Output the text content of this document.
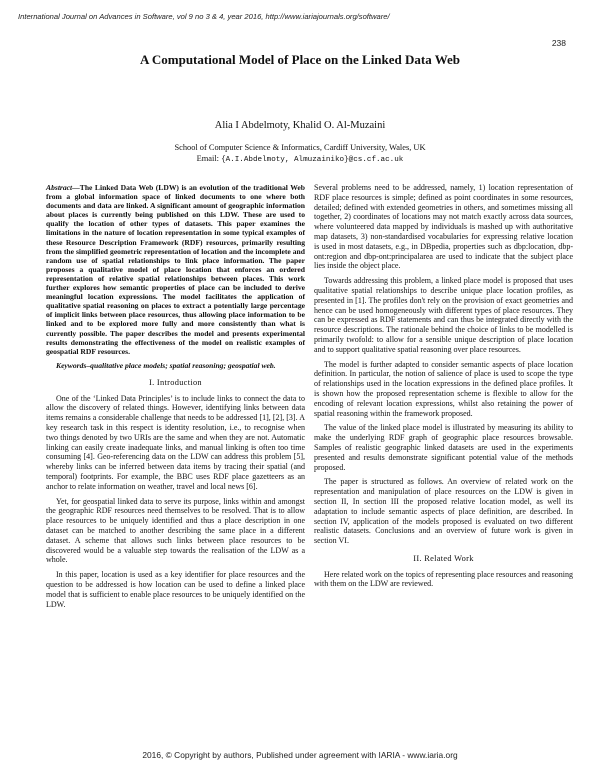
International Journal on Advances in Software, vol 9 no 3 & 4, year 2016, http://www.iariajournals.org/software/
238
A Computational Model of Place on the Linked Data Web
Alia I Abdelmoty, Khalid O. Al-Muzaini
School of Computer Science & Informatics, Cardiff University, Wales, UK
Email: {A.I.Abdelmoty, Almuzainiko}@cs.cf.ac.uk

Abstract—The Linked Data Web (LDW) is an evolution of the traditional Web from a global information space of linked documents to one where both documents and data are linked. A significant amount of geographic information about places is currently being published on this LDW. These are used to qualify the location of other types of datasets. This paper examines the limitations in the nature of location representation in some typical examples of these Resource Description Framework (RDF) resources, primarily resulting from the simplified geometric representation of location and the incomplete and random use of spatial relationships to link place information. The paper proposes a qualitative model of place location that enforces an ordered representation of relative spatial relationships between places. This work further explores how semantic properties of place can be included to derive meaningful location expressions. The model facilitates the application of qualitative spatial reasoning on places to extract a potentially large percentage of implicit links between place resources, thus allowing place information to be linked and to be explored more fully and more consistently than what is currently possible. The paper describes the model and presents experimental results demonstrating the effectiveness of the model on realistic examples of geospatial RDF resources.

Keywords–qualitative place models; spatial reasoning; geospatial web.

I. Introduction

One of the ‘Linked Data Principles’ is to include links to connect the data to allow the discovery of related things. However, identifying links between data items remains a considerable challenge that needs to be addressed [1], [2], [3]. A key research task in this respect is identity resolution, i.e., to recognise when two things denoted by two URIs are the same and when they are not. Automatic linking can easily create inadequate links, and manual linking is often too time consuming [4]. Geo-referencing data on the LDW can address this problem [5], whereby links can be inferred between data items by tracing their spatial (and temporal) footprints. For example, the BBC uses RDF place gazetteers as an anchor to relate information on weather, travel and local news [6].

Yet, for geospatial linked data to serve its purpose, links within and amongst the geographic RDF resources need themselves to be resolved. That is to allow place resources to be uniquely identified and thus a place description in one dataset can be matched to another describing the same place in a different dataset. A scheme that allows such links between place resources to be discovered would be a valuable step towards the realisation of the LDW as a whole.

In this paper, location is used as a key identifier for place resources and the question to be addressed is how location can be used to define a linked place model that is sufficient to enable place resources to be uniquely identified on the LDW.

Several problems need to be addressed, namely, 1) location representation of RDF place resources is simple; defined as point coordinates in some resources, detailed; defined with extended geometries in others, and sometimes missing all together, 2) coordinates of locations may not match exactly across data sources, where volunteered data mapped by individuals is mashed up with authoritative map datasets, 3) non-standardised vocabularies for expressing relative location is used in most datasets, e.g., in DBpedia, properties such as dbp:location, dbp-ont:region and dbp-ont:principalarea are used to indicate that the subject place lies inside the object place.

Towards addressing this problem, a linked place model is proposed that uses qualitative spatial relationships to describe unique place location profiles, as presented in [1]. The profiles don't rely on the provision of exact geometries and hence can be used homogeneously with different types of place resources. They can be expressed as RDF statements and can thus be integrated directly with the resource descriptions. The rationale behind the choice of links to be modelled is primarily twofold: to allow for a sensible unique description of place location and to support qualitative spatial reasoning over place resources.

The model is further adapted to consider semantic aspects of place location definition. In particular, the notion of salience of place is used to scope the type of relationships used in the location expressions in the defined place profiles. It is shown how the proposed representation scheme is flexible to allow for the encoding of relevant location expressions, whilst also retaining the power of spatial reasoning within the framework proposed.

The value of the linked place model is illustrated by measuring its ability to make the underlying RDF graph of geographic place resources browsable. Samples of realistic geographic linked datasets are used in the experiments presented and results demonstrate significant potential value of the methods proposed.

The paper is structured as follows. An overview of related work on the representation and manipulation of place resources on the LDW is given in section II, In section III the proposed relative location model, as well its adaptation to include semantic aspects of place definition, are described. In section IV, application of the models proposed is evaluated on two different realistic datasets. Conclusions and an overview of future work is given in section VI.

II. Related Work

Here related work on the topics of representing place resources and reasoning with them on the LDW are reviewed.

2016, © Copyright by authors, Published under agreement with IARIA - www.iaria.org
